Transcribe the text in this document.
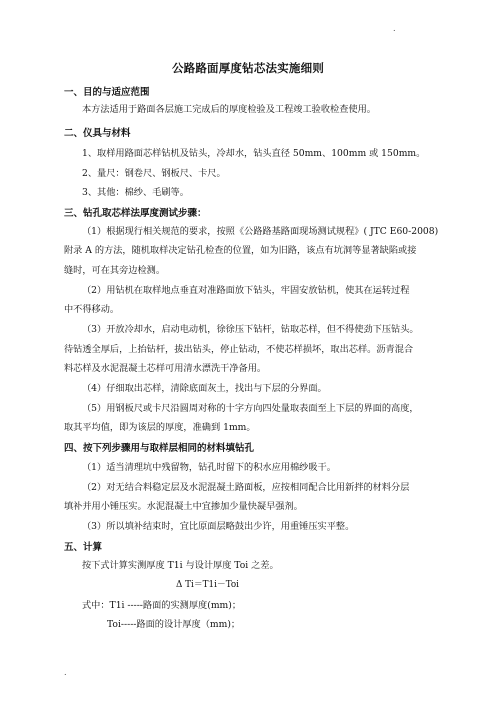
.
公路路面厚度钻芯法实施细则
一、目的与适应范围
本方法适用于路面各层施工完成后的厚度检验及工程竣工验收检查使用。
二、仪具与材料
1、取样用路面芯样钻机及钻头，冷却水，钻头直径 50mm、100mm 或 150mm。
2、量尺：钢卷尺、钢板尺、卡尺。
3、其他：棉纱、毛刷等。
三、钻孔取芯样法厚度测试步骤：
（1）根据现行相关规范的要求，按照《公路路基路面现场测试规程》( JTC E60-2008)
附录 A 的方法，随机取样决定钻孔检查的位置，如为旧路，该点有坑洞等显著缺陷或接
缝时，可在其旁边检测。
（2）用钻机在取样地点垂直对准路面放下钻头，牢固安放钻机，使其在运转过程
中不得移动。
（3）开放冷却水，启动电动机，徐徐压下钻杆，钻取芯样，但不得使劲下压钻头。
待钻透全厚后，上抬钻杆，拔出钻头，停止钻动，不使芯样损坏，取出芯样。沥青混合
料芯样及水泥混凝土芯样可用清水漂洗干净备用。
（4）仔细取出芯样，清除底面灰土，找出与下层的分界面。
（5）用钢板尺或卡尺沿圆周对称的十字方向四处量取表面至上下层的界面的高度，
取其平均值，即为该层的厚度，准确到 1mm。
四、按下列步骤用与取样层相同的材料填钻孔
（1）适当清理坑中残留物，钻孔时留下的积水应用棉纱吸干。
（2）对无结合料稳定层及水泥混凝土路面板，应按相同配合比用新拌的材料分层
填补并用小锤压实。水泥混凝土中宜掺加少量快凝早强剂。
（3）所以填补结束时，宜比原面层略鼓出少许，用重锤压实平整。
五、计算
按下式计算实测厚度 T1i 与设计厚度 Toi 之差。
Δ Ti＝T1i－Toi
式中：T1i -----路面的实测厚度(mm)；
Toi-----路面的设计厚度（mm)；
.
